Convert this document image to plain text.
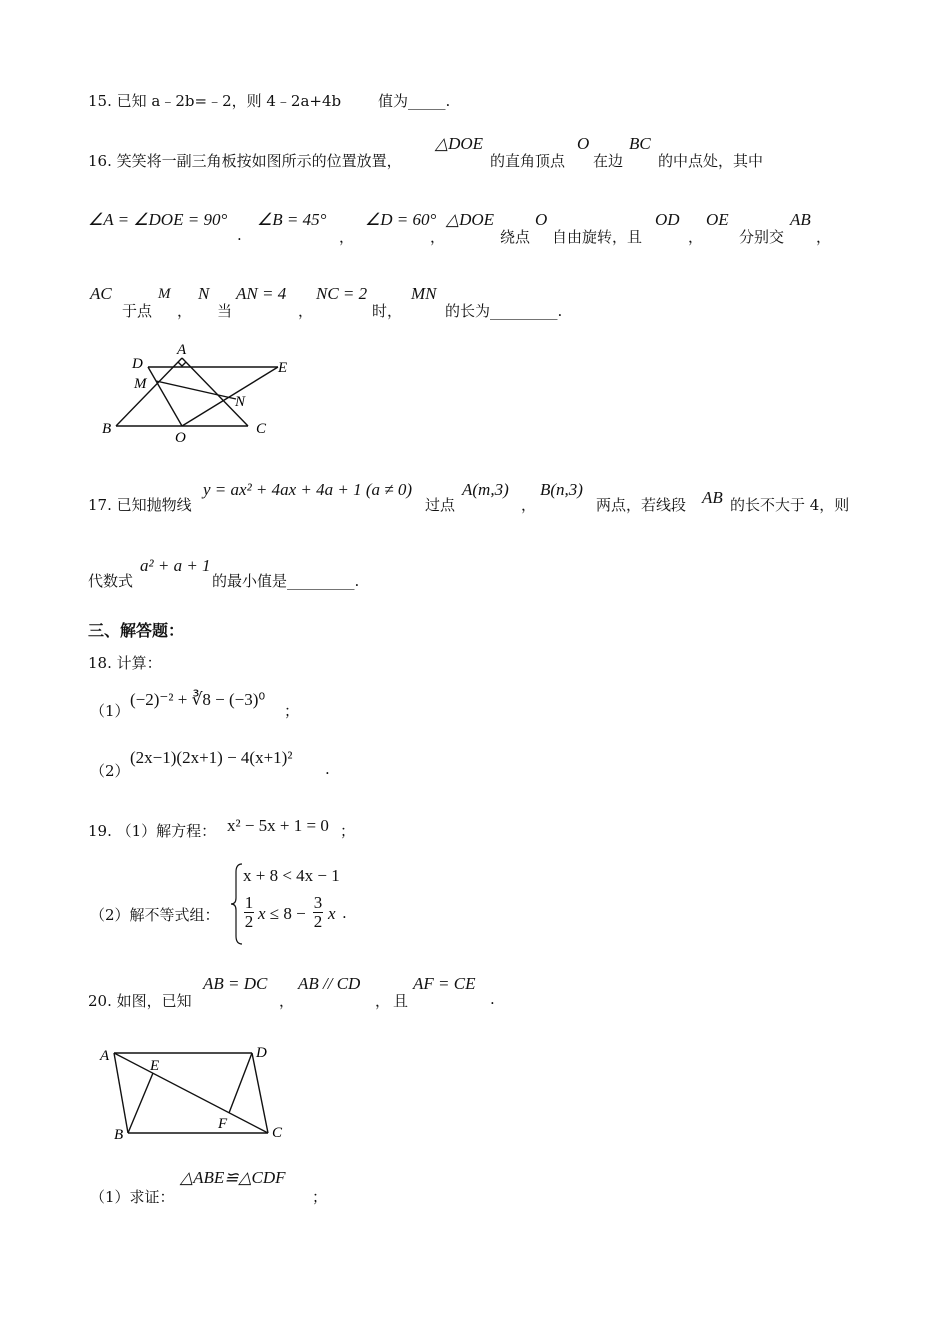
15. 已知 a﹣2b=﹣2，则 4﹣2a+4b 值为_____.
16. 笑笑将一副三角板按如图所示的位置放置，
△DOE
的直角顶点
O
在边
BC
的中点处，其中
∠A = ∠DOE = 90°
.
∠B = 45°
，
∠D = 60°
，
△DOE
绕点
O
自由旋转，且
OD
，
OE
分别交
AB
，
AC
于点
M
，
N
当
AN = 4
，
NC = 2
时，
MN
的长为_________.
D
A
E
M
N
B
O
C
17. 已知抛物线
y = ax² + 4ax + 4a + 1 (a ≠ 0)
过点
A(m,3)
，
B(n,3)
两点，若线段 AB 的长不大于 4，则
代数式
a² + a + 1
的最小值是_________.
三、解答题：
18. 计算：
（1）
(−2)⁻² + ∛8 − (−3)⁰
；
（2）
(2x−1)(2x+1) − 4(x+1)²
.
19. （1）解方程： x² − 5x + 1 = 0 ；
（2）解不等式组：
x + 8 < 4x − 1
1
2 x ≤ 8 −
3
2 x .
20. 如图，已知
AB = DC
，
AB // CD
， 且
AF = CE
.
A	D
E
F
B	C
（1）求证：
△ABE≌△CDF
；
